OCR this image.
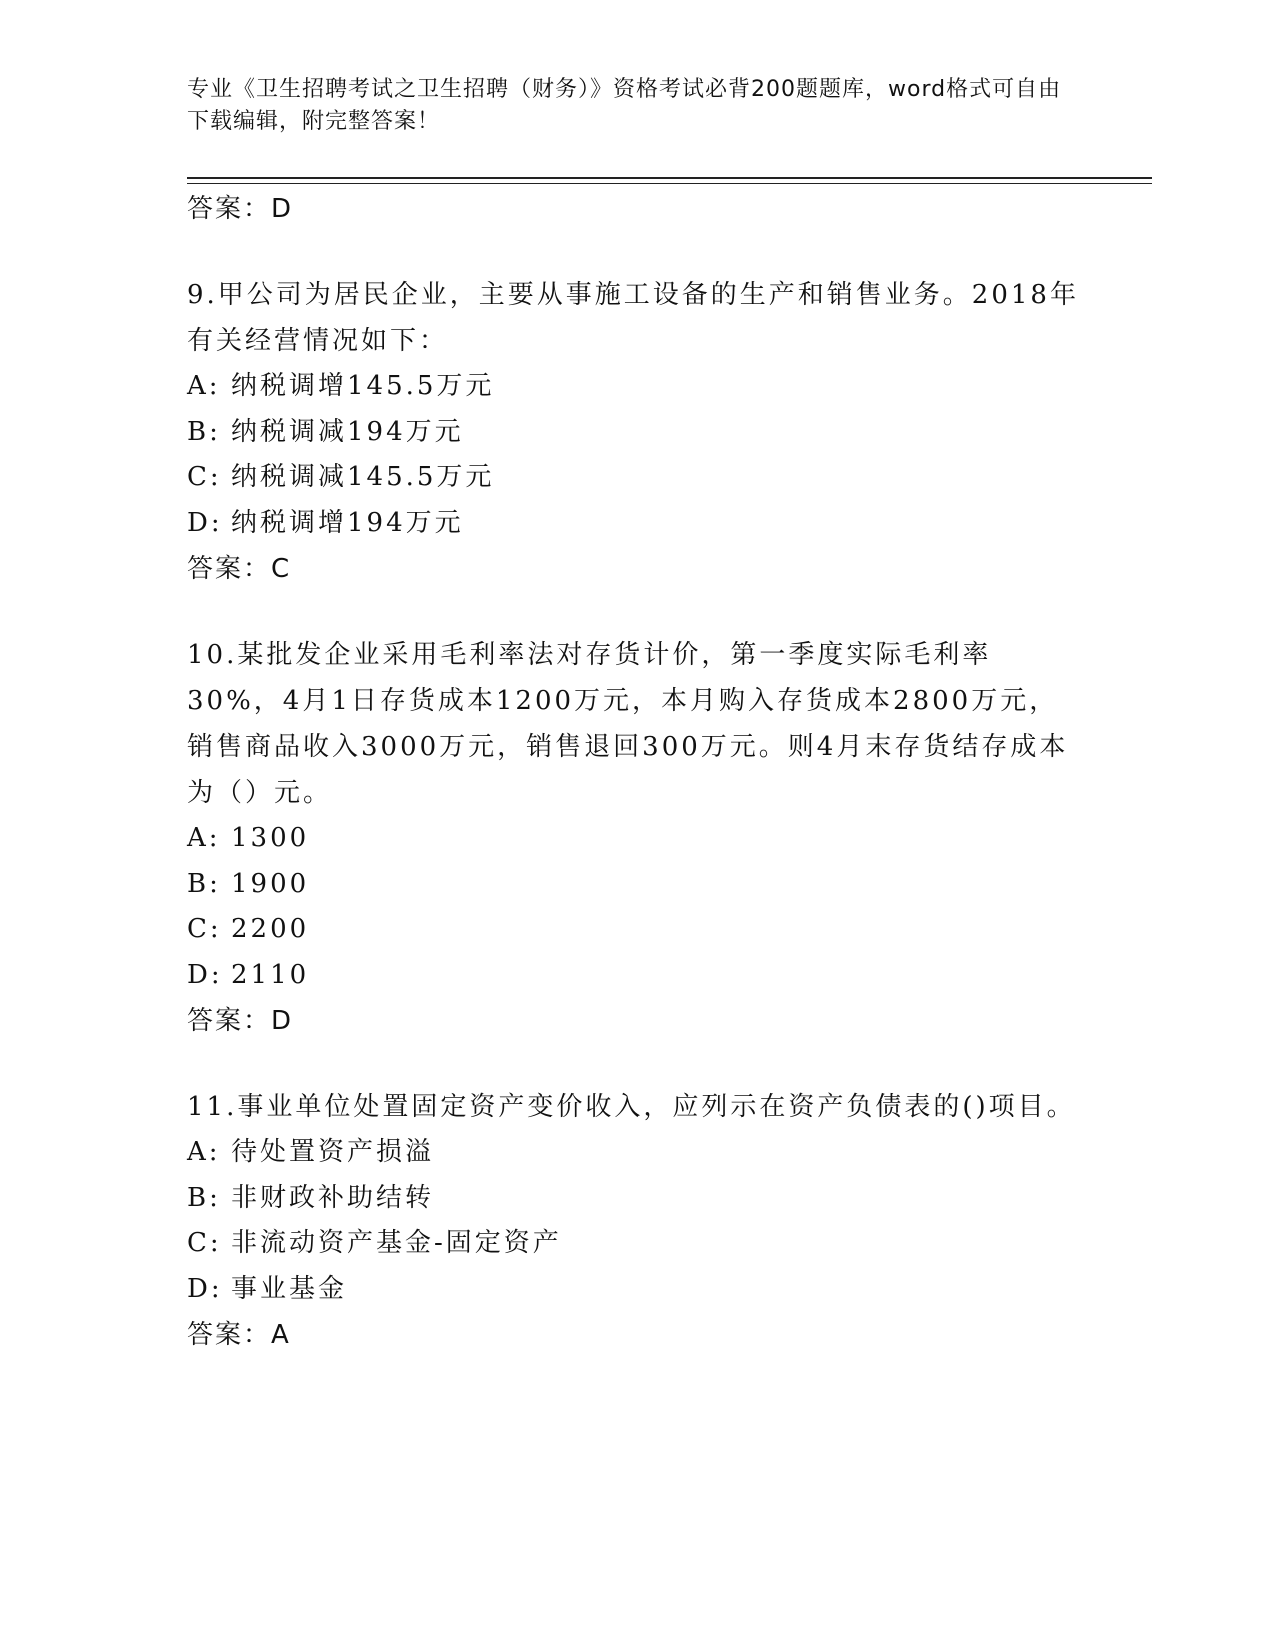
专业《卫生招聘考试之卫生招聘（财务）》资格考试必背200题题库，word格式可自由下载编辑，附完整答案！

答案：D

9.甲公司为居民企业，主要从事施工设备的生产和销售业务。2018年有关经营情况如下：

A: 纳税调增145.5万元
B: 纳税调减194万元
C: 纳税调减145.5万元
D: 纳税调增194万元

答案：C

10.某批发企业采用毛利率法对存货计价，第一季度实际毛利率30%，4月1日存货成本1200万元，本月购入存货成本2800万元，销售商品收入3000万元，销售退回300万元。则4月末存货结存成本为（）元。

A: 1300
B: 1900
C: 2200
D: 2110

答案：D

11.事业单位处置固定资产变价收入，应列示在资产负债表的()项目。

A: 待处置资产损溢
B: 非财政补助结转
C: 非流动资产基金-固定资产
D: 事业基金

答案：A
